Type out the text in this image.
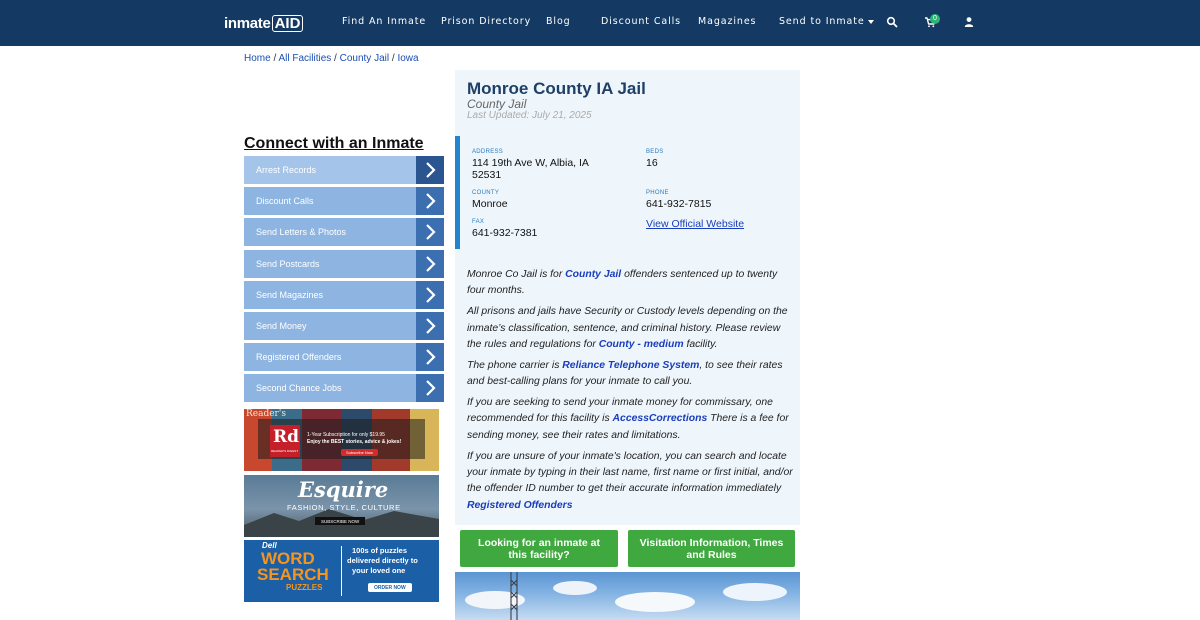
inmate AID	Find An Inmate Prison Directory Blog	Discount Calls Magazines Send to Inmate	0
Home / All Facilities / County Jail / Iowa
Connect with an Inmate
Arrest Records
Discount Calls
Send Letters & Photos
Send Postcards
Send Magazines
Send Money
Registered Offenders
Second Chance Jobs
Reader's
Rd
READER'S DIGEST
1-Year Subscription for only $19.95
Enjoy the BEST stories, advice & jokes!
Subscribe Now
Esquire
FASHION, STYLE, CULTURE
SUBSCRIBE NOW
Dell
WORD
SEARCH
PUZZLES
100s of puzzles
delivered directly to
your loved one
ORDER NOW
Monroe County IA Jail
County Jail
Last Updated: July 21, 2025
ADDRESS
114 19th Ave W, Albia, IA 52531
BEDS
16
COUNTY
Monroe
PHONE
641-932-7815
FAX
641-932-7381
View Official Website

Monroe Co Jail is for County Jail offenders sentenced up to twenty four months.

All prisons and jails have Security or Custody levels depending on the inmate’s classification, sentence, and criminal history. Please review the rules and regulations for County - medium facility.

The phone carrier is Reliance Telephone System, to see their rates and best-calling plans for your inmate to call you.

If you are seeking to send your inmate money for commissary, one recommended for this facility is AccessCorrections There is a fee for sending money, see their rates and limitations.

If you are unsure of your inmate's location, you can search and locate your inmate by typing in their last name, first name or first initial, and/or the offender ID number to get their accurate information immediately Registered Offenders

Looking for an inmate at this facility?
Visitation Information, Times and Rules
